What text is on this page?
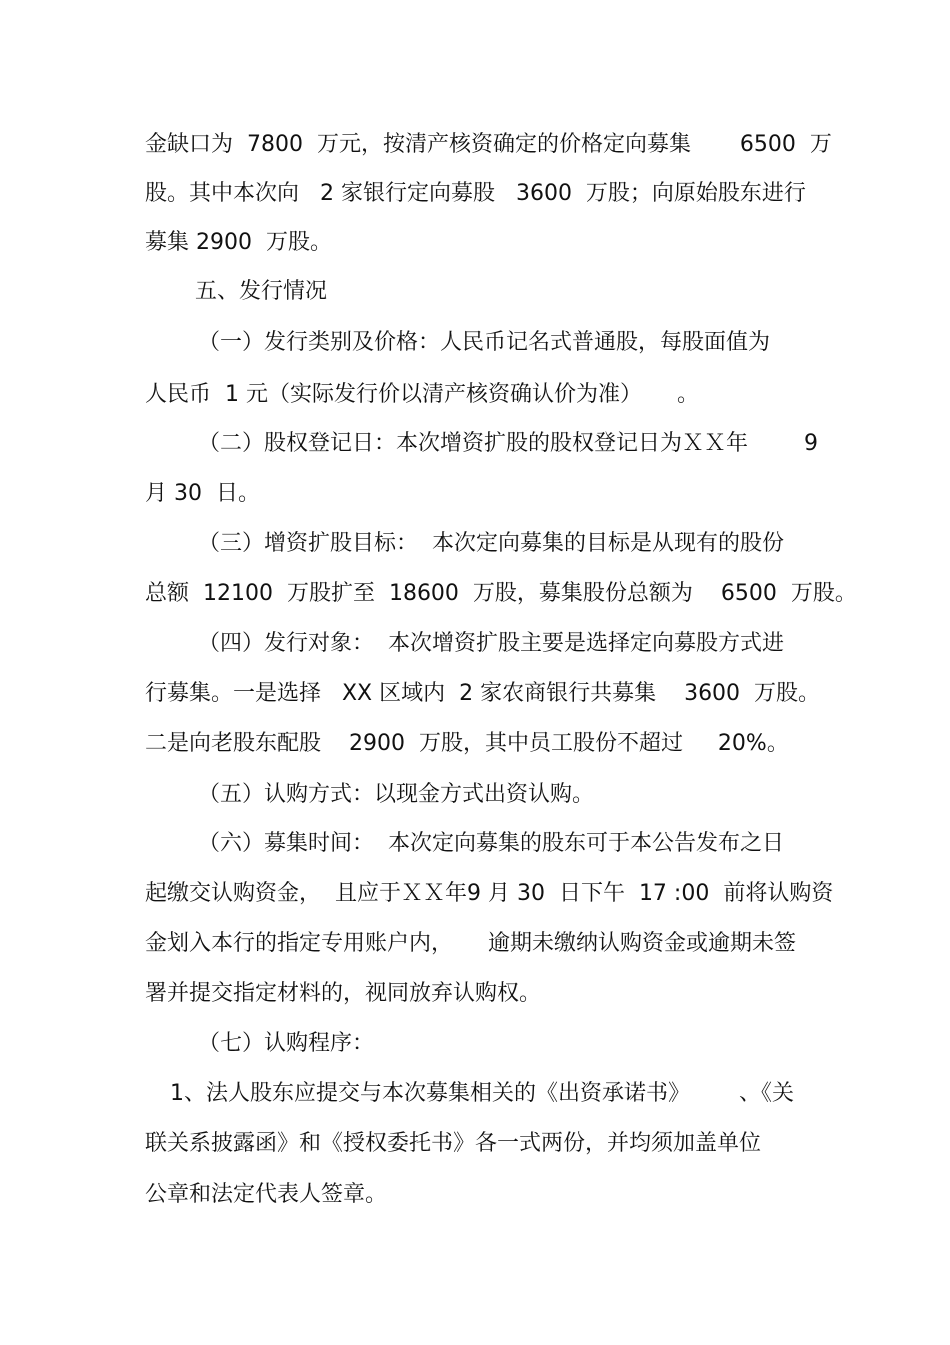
金缺口为  7800  万元，按清产核资确定的价格定向募集       6500  万
股。其中本次向   2 家银行定向募股   3600  万股；向原始股东进行
募集 2900  万股。
五、发行情况
（一）发行类别及价格：人民币记名式普通股，每股面值为
人民币  1 元（实际发行价以清产核资确认价为准）     。
（二）股权登记日：本次增资扩股的股权登记日为ＸＸ年        9
月 30  日。
（三）增资扩股目标：  本次定向募集的目标是从现有的股份
总额  12100  万股扩至  18600  万股，募集股份总额为    6500  万股。
（四）发行对象：  本次增资扩股主要是选择定向募股方式进
行募集。一是选择   XX 区域内  2 家农商银行共募集    3600  万股。
二是向老股东配股    2900  万股，其中员工股份不超过     20%。
（五）认购方式：以现金方式出资认购。
（六）募集时间：  本次定向募集的股东可于本公告发布之日
起缴交认购资金，  且应于ＸＸ年9 月 30  日下午  17 :00  前将认购资
金划入本行的指定专用账户内，     逾期未缴纳认购资金或逾期未签
署并提交指定材料的，视同放弃认购权。
（七）认购程序：
1、法人股东应提交与本次募集相关的《出资承诺书》       、《关
联关系披露函》和《授权委托书》各一式两份，并均须加盖单位
公章和法定代表人签章。
